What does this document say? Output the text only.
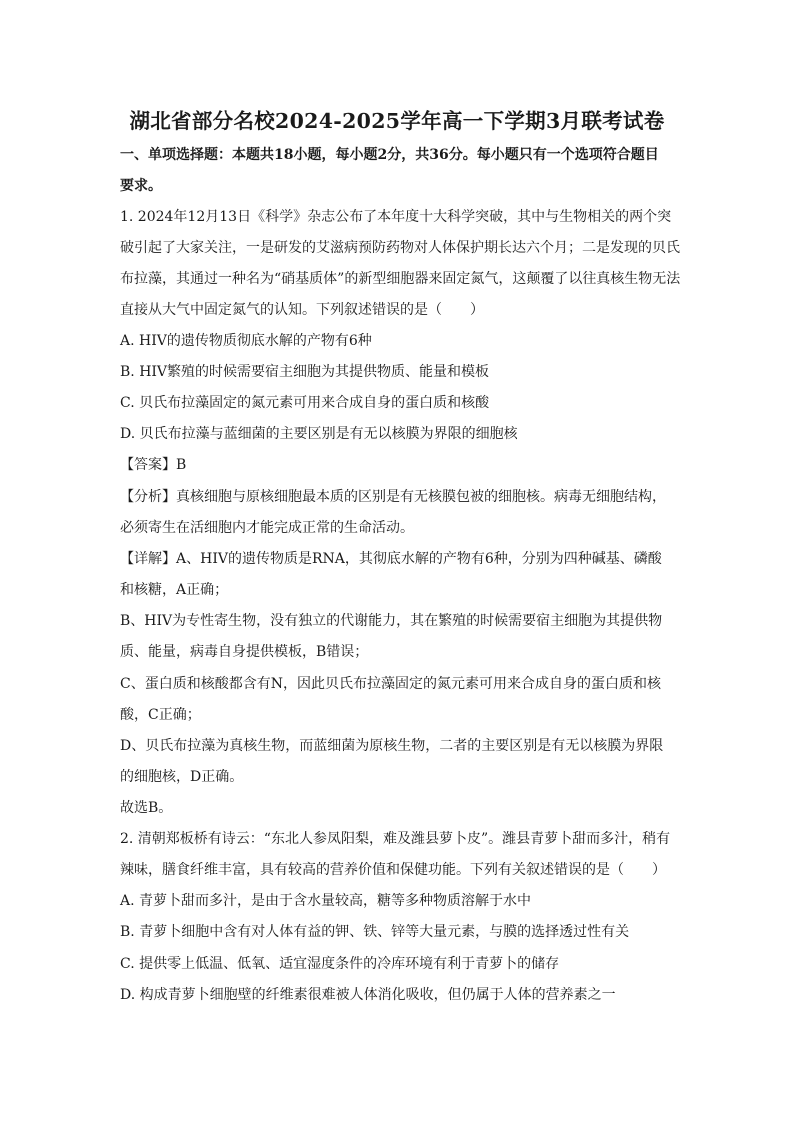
湖北省部分名校2024-2025学年高一下学期3月联考试卷
一、单项选择题：本题共18小题，每小题2分，共36分。每小题只有一个选项符合题目
要求。
1. 2024年12月13日《科学》杂志公布了本年度十大科学突破，其中与生物相关的两个突
破引起了大家关注，一是研发的艾滋病预防药物对人体保护期长达六个月；二是发现的贝氏
布拉藻，其通过一种名为“硝基质体”的新型细胞器来固定氮气，这颠覆了以往真核生物无法
直接从大气中固定氮气的认知。下列叙述错误的是（　　）
A. HIV的遗传物质彻底水解的产物有6种
B. HIV繁殖的时候需要宿主细胞为其提供物质、能量和模板
C. 贝氏布拉藻固定的氮元素可用来合成自身的蛋白质和核酸
D. 贝氏布拉藻与蓝细菌的主要区别是有无以核膜为界限的细胞核
【答案】B
【分析】真核细胞与原核细胞最本质的区别是有无核膜包被的细胞核。病毒无细胞结构，
必须寄生在活细胞内才能完成正常的生命活动。
【详解】A、HIV的遗传物质是RNA，其彻底水解的产物有6种，分别为四种碱基、磷酸
和核糖，A正确；
B、HIV为专性寄生物，没有独立的代谢能力，其在繁殖的时候需要宿主细胞为其提供物
质、能量，病毒自身提供模板，B错误；
C、蛋白质和核酸都含有N，因此贝氏布拉藻固定的氮元素可用来合成自身的蛋白质和核
酸，C正确；
D、贝氏布拉藻为真核生物，而蓝细菌为原核生物，二者的主要区别是有无以核膜为界限
的细胞核，D正确。
故选B。
2. 清朝郑板桥有诗云：“东北人参凤阳梨，难及潍县萝卜皮”。潍县青萝卜甜而多汁，稍有
辣味，膳食纤维丰富，具有较高的营养价值和保健功能。下列有关叙述错误的是（　　）
A. 青萝卜甜而多汁，是由于含水量较高，糖等多种物质溶解于水中
B. 青萝卜细胞中含有对人体有益的钾、铁、锌等大量元素，与膜的选择透过性有关
C. 提供零上低温、低氧、适宜湿度条件的冷库环境有利于青萝卜的储存
D. 构成青萝卜细胞壁的纤维素很难被人体消化吸收，但仍属于人体的营养素之一
